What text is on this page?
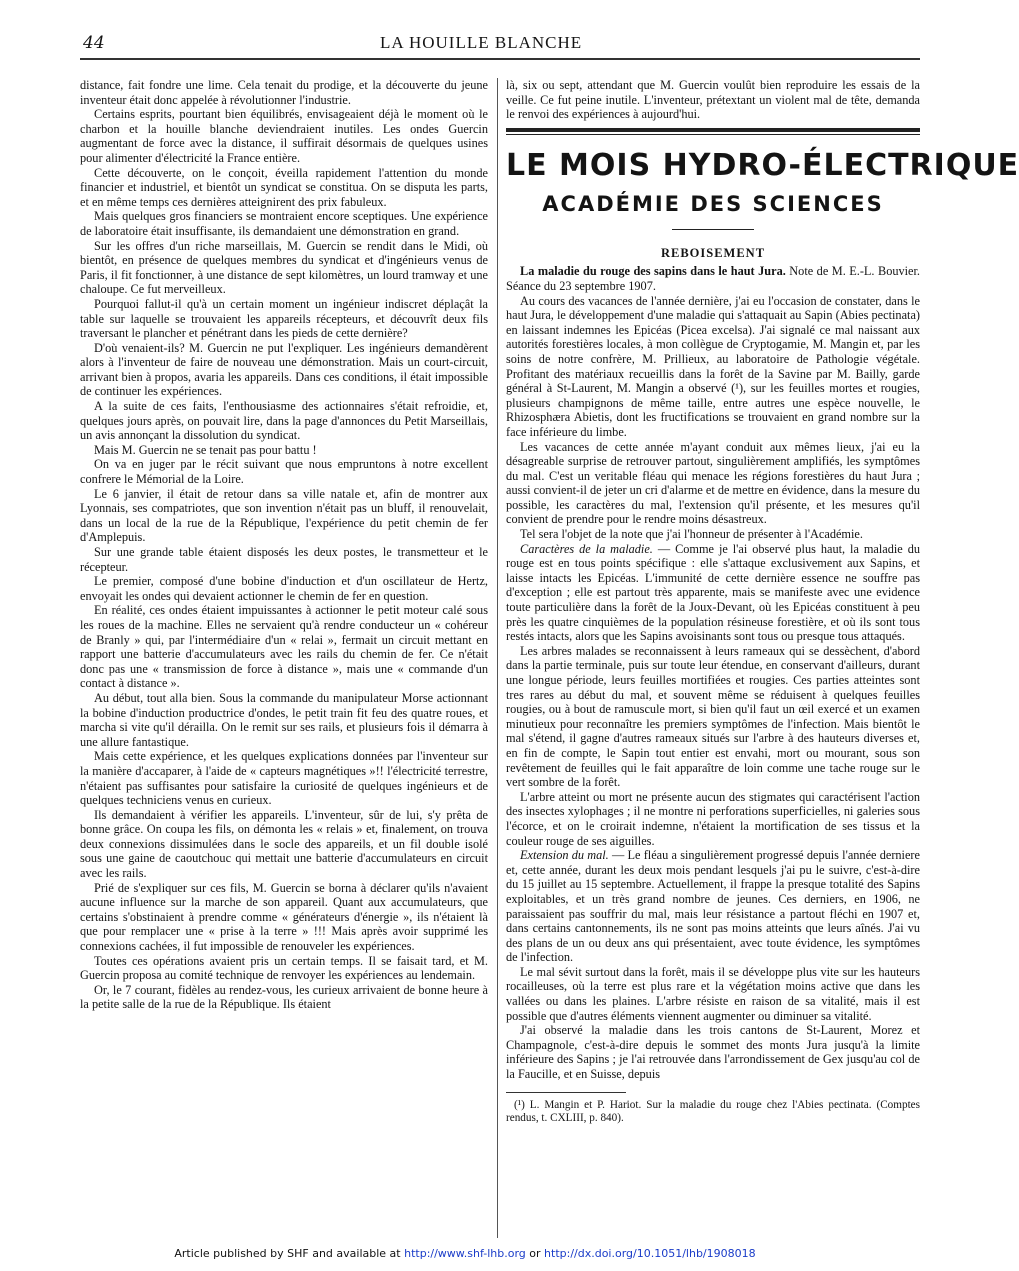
44	LA HOUILLE BLANCHE

distance, fait fondre une lime. Cela tenait du prodige, et la découverte du jeune inventeur était donc appelée à révolutionner l'industrie.

Certains esprits, pourtant bien équilibrés, envisageaient déjà le moment où le charbon et la houille blanche deviendraient inutiles. Les ondes Guercin augmentant de force avec la distance, il suffirait désormais de quelques usines pour alimenter d'électricité la France entière.

Cette découverte, on le conçoit, éveilla rapidement l'attention du monde financier et industriel, et bientôt un syndicat se constitua. On se disputa les parts, et en même temps ces dernières atteignirent des prix fabuleux.

Mais quelques gros financiers se montraient encore sceptiques. Une expérience de laboratoire était insuffisante, ils demandaient une démonstration en grand.

Sur les offres d'un riche marseillais, M. Guercin se rendit dans le Midi, où bientôt, en présence de quelques membres du syndicat et d'ingénieurs venus de Paris, il fit fonctionner, à une distance de sept kilomètres, un lourd tramway et une chaloupe. Ce fut merveilleux.

Pourquoi fallut-il qu'à un certain moment un ingénieur indiscret déplaçât la table sur laquelle se trouvaient les appareils récepteurs, et découvrît deux fils traversant le plancher et pénétrant dans les pieds de cette dernière?

D'où venaient-ils? M. Guercin ne put l'expliquer. Les ingénieurs demandèrent alors à l'inventeur de faire de nouveau une démonstration. Mais un court-circuit, arrivant bien à propos, avaria les appareils. Dans ces conditions, il était impossible de continuer les expériences.

A la suite de ces faits, l'enthousiasme des actionnaires s'était refroidie, et, quelques jours après, on pouvait lire, dans la page d'annonces du Petit Marseillais, un avis annonçant la dissolution du syndicat.

Mais M. Guercin ne se tenait pas pour battu !

On va en juger par le récit suivant que nous empruntons à notre excellent confrere le Mémorial de la Loire.

Le 6 janvier, il était de retour dans sa ville natale et, afin de montrer aux Lyonnais, ses compatriotes, que son invention n'était pas un bluff, il renouvelait, dans un local de la rue de la République, l'expérience du petit chemin de fer d'Amplepuis.

Sur une grande table étaient disposés les deux postes, le transmetteur et le récepteur.

Le premier, composé d'une bobine d'induction et d'un oscillateur de Hertz, envoyait les ondes qui devaient actionner le chemin de fer en question.

En réalité, ces ondes étaient impuissantes à actionner le petit moteur calé sous les roues de la machine. Elles ne servaient qu'à rendre conducteur un « cohéreur de Branly » qui, par l'intermédiaire d'un « relai », fermait un circuit mettant en rapport une batterie d'accumulateurs avec les rails du chemin de fer. Ce n'était donc pas une « transmission de force à distance », mais une « commande d'un contact à distance ».

Au début, tout alla bien. Sous la commande du manipulateur Morse actionnant la bobine d'induction productrice d'ondes, le petit train fit feu des quatre roues, et marcha si vite qu'il dérailla. On le remit sur ses rails, et plusieurs fois il démarra à une allure fantastique.

Mais cette expérience, et les quelques explications données par l'inventeur sur la manière d'accaparer, à l'aide de « capteurs magnétiques »!! l'électricité terrestre, n'étaient pas suffisantes pour satisfaire la curiosité de quelques ingénieurs et de quelques techniciens venus en curieux.

Ils demandaient à vérifier les appareils. L'inventeur, sûr de lui, s'y prêta de bonne grâce. On coupa les fils, on démonta les « relais » et, finalement, on trouva deux connexions dissimulées dans le socle des appareils, et un fil double isolé sous une gaine de caoutchouc qui mettait une batterie d'accumulateurs en circuit avec les rails.

Prié de s'expliquer sur ces fils, M. Guercin se borna à déclarer qu'ils n'avaient aucune influence sur la marche de son appareil. Quant aux accumulateurs, que certains s'obstinaient à prendre comme « générateurs d'énergie », ils n'étaient là que pour remplacer une « prise à la terre » !!! Mais après avoir supprimé les connexions cachées, il fut impossible de renouveler les expériences.

Toutes ces opérations avaient pris un certain temps. Il se faisait tard, et M. Guercin proposa au comité technique de renvoyer les expériences au lendemain.

Or, le 7 courant, fidèles au rendez-vous, les curieux arrivaient de bonne heure à la petite salle de la rue de la République. Ils étaient

là, six ou sept, attendant que M. Guercin voulût bien reproduire les essais de la veille. Ce fut peine inutile. L'inventeur, prétextant un violent mal de tête, demanda le renvoi des expériences à aujourd'hui.

LE MOIS HYDRO-ÉLECTRIQUE
ACADÉMIE DES SCIENCES
REBOISEMENT

La maladie du rouge des sapins dans le haut Jura. Note de M. E.-L. Bouvier. Séance du 23 septembre 1907.

Au cours des vacances de l'année dernière, j'ai eu l'occasion de constater, dans le haut Jura, le développement d'une maladie qui s'attaquait au Sapin (Abies pectinata) en laissant indemnes les Epicéas (Picea excelsa). J'ai signalé ce mal naissant aux autorités forestières locales, à mon collègue de Cryptogamie, M. Mangin et, par les soins de notre confrère, M. Prillieux, au laboratoire de Pathologie végétale. Profitant des matériaux recueillis dans la forêt de la Savine par M. Bailly, garde général à St-Laurent, M. Mangin a observé (¹), sur les feuilles mortes et rougies, plusieurs champignons de même taille, entre autres une espèce nouvelle, le Rhizosphæra Abietis, dont les fructifications se trouvaient en grand nombre sur la face inférieure du limbe.

Les vacances de cette année m'ayant conduit aux mêmes lieux, j'ai eu la désagreable surprise de retrouver partout, singulièrement amplifiés, les symptômes du mal. C'est un veritable fléau qui menace les régions forestières du haut Jura ; aussi convient-il de jeter un cri d'alarme et de mettre en évidence, dans la mesure du possible, les caractères du mal, l'extension qu'il présente, et les mesures qu'il convient de prendre pour le rendre moins désastreux.

Tel sera l'objet de la note que j'ai l'honneur de présenter à l'Académie.

Caractères de la maladie. — Comme je l'ai observé plus haut, la maladie du rouge est en tous points spécifique : elle s'attaque exclusivement aux Sapins, et laisse intacts les Epicéas. L'immunité de cette dernière essence ne souffre pas d'exception ; elle est partout très apparente, mais se manifeste avec une evidence toute particulière dans la forêt de la Joux-Devant, où les Epicéas constituent à peu près les quatre cinquièmes de la population résineuse forestière, et où ils sont tous restés intacts, alors que les Sapins avoisinants sont tous ou presque tous attaqués.

Les arbres malades se reconnaissent à leurs rameaux qui se dessèchent, d'abord dans la partie terminale, puis sur toute leur étendue, en conservant d'ailleurs, durant une longue période, leurs feuilles mortifiées et rougies. Ces parties atteintes sont tres rares au début du mal, et souvent même se réduisent à quelques feuilles rougies, ou à bout de ramuscule mort, si bien qu'il faut un œil exercé et un examen minutieux pour reconnaître les premiers symptômes de l'infection. Mais bientôt le mal s'étend, il gagne d'autres rameaux situés sur l'arbre à des hauteurs diverses et, en fin de compte, le Sapin tout entier est envahi, mort ou mourant, sous son revêtement de feuilles qui le fait apparaître de loin comme une tache rouge sur le vert sombre de la forêt.

L'arbre atteint ou mort ne présente aucun des stigmates qui caractérisent l'action des insectes xylophages ; il ne montre ni perforations superficielles, ni galeries sous l'écorce, et on le croirait indemne, n'étaient la mortification de ses tissus et la couleur rouge de ses aiguilles.

Extension du mal. — Le fléau a singulièrement progressé depuis l'année derniere et, cette année, durant les deux mois pendant lesquels j'ai pu le suivre, c'est-à-dire du 15 juillet au 15 septembre. Actuellement, il frappe la presque totalité des Sapins exploitables, et un très grand nombre de jeunes. Ces derniers, en 1906, ne paraissaient pas souffrir du mal, mais leur résistance a partout fléchi en 1907 et, dans certains cantonnements, ils ne sont pas moins atteints que leurs aînés. J'ai vu des plans de un ou deux ans qui présentaient, avec toute évidence, les symptômes de l'infection.

Le mal sévit surtout dans la forêt, mais il se développe plus vite sur les hauteurs rocailleuses, où la terre est plus rare et la végétation moins active que dans les vallées ou dans les plaines. L'arbre résiste en raison de sa vitalité, mais il est possible que d'autres éléments viennent augmenter ou diminuer sa vitalité.

J'ai observé la maladie dans les trois cantons de St-Laurent, Morez et Champagnole, c'est-à-dire depuis le sommet des monts Jura jusqu'à la limite inférieure des Sapins ; je l'ai retrouvée dans l'arrondissement de Gex jusqu'au col de la Faucille, et en Suisse, depuis

(¹) L. Mangin et P. Hariot. Sur la maladie du rouge chez l'Abies pectinata. (Comptes rendus, t. CXLIII, p. 840).

Article published by SHF and available at http://www.shf-lhb.org or http://dx.doi.org/10.1051/lhb/1908018
